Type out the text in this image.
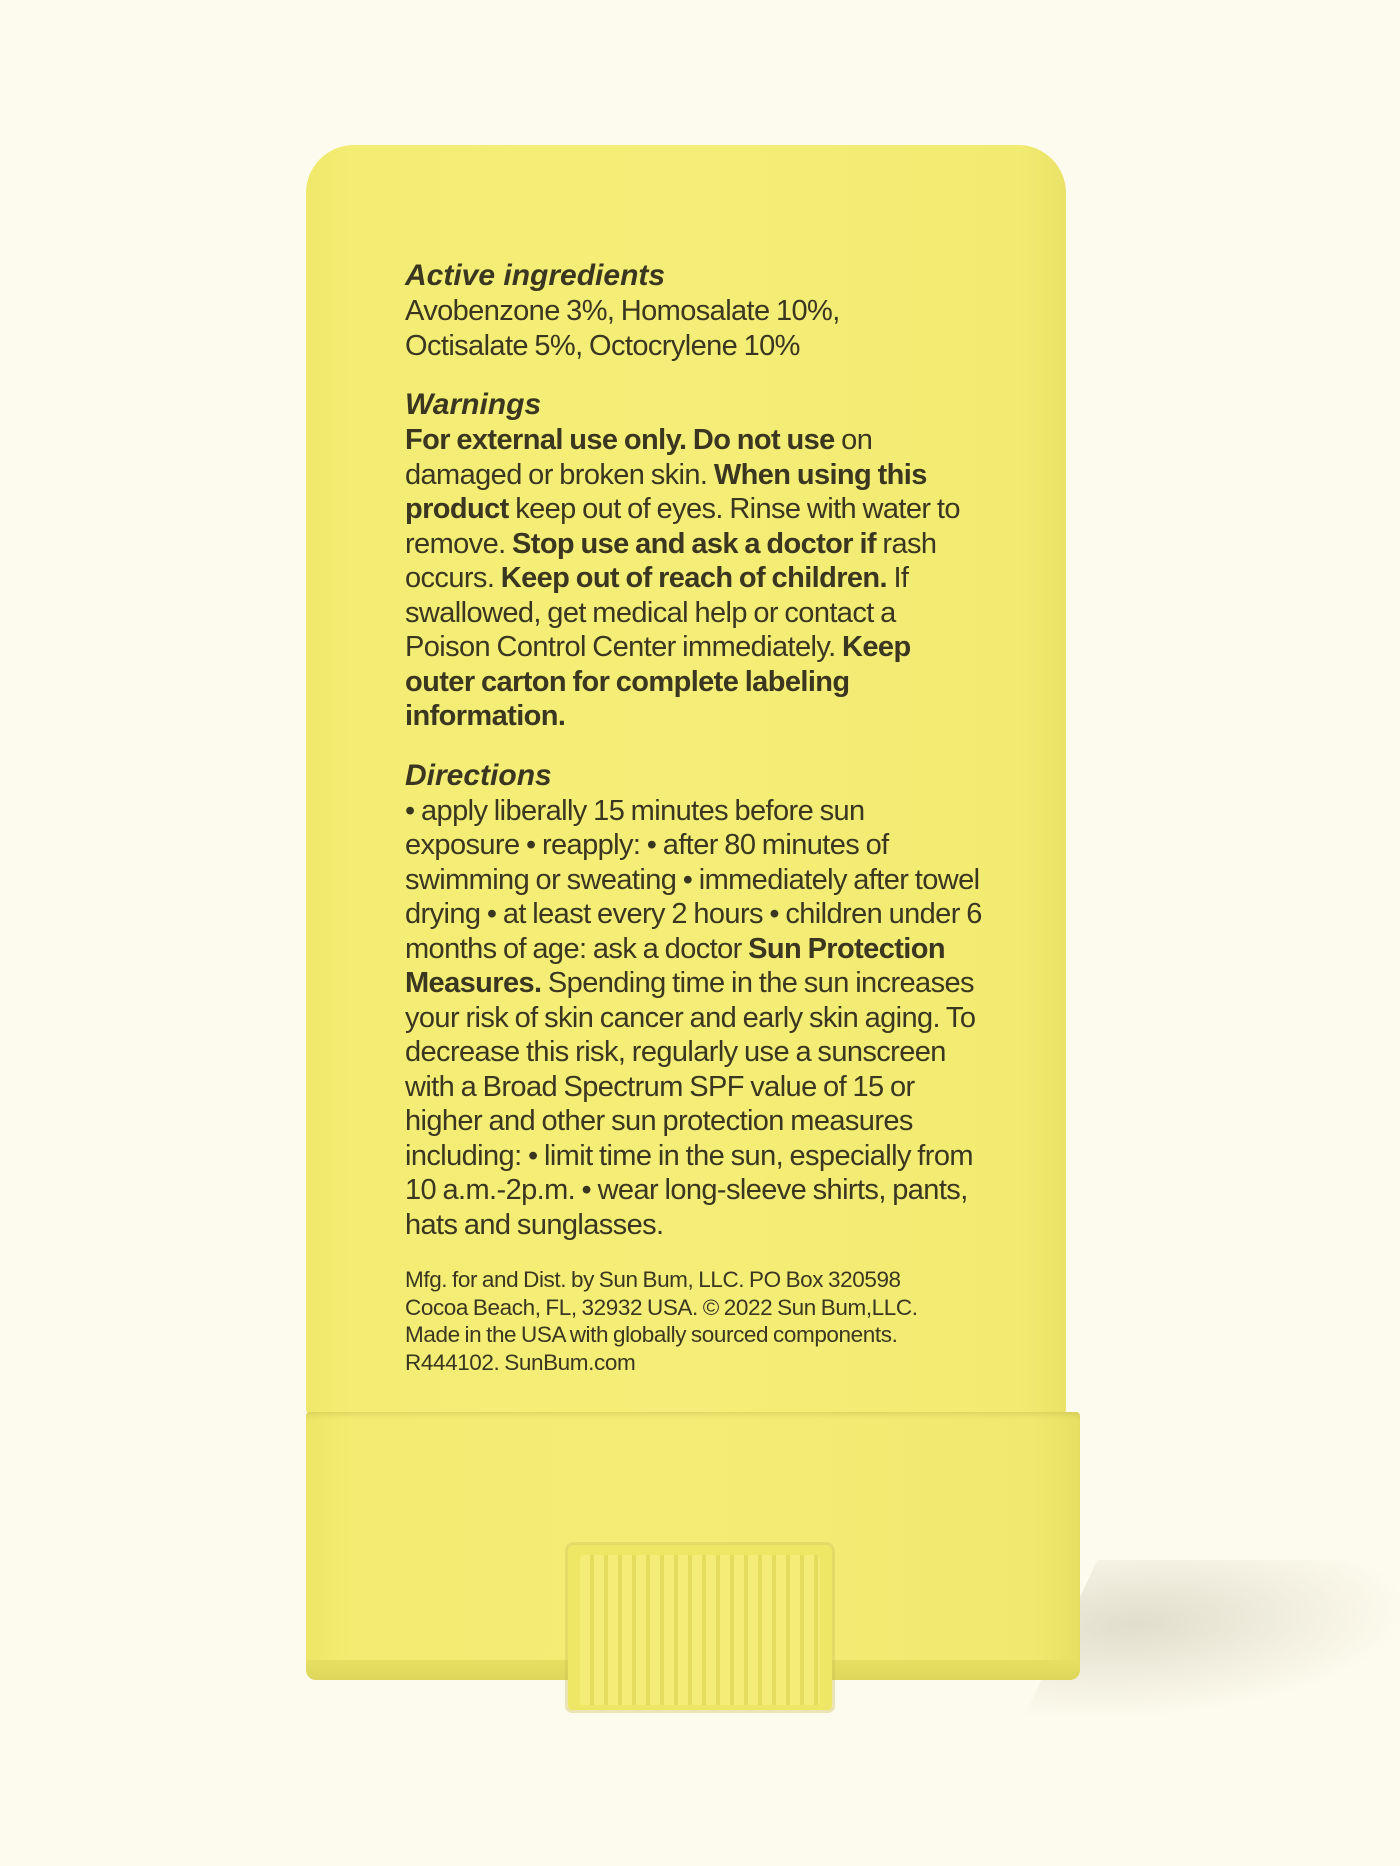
Active ingredients

Avobenzone 3%, Homosalate 10%,

Octisalate 5%, Octocrylene 10%

Warnings

For external use only. Do not use on damaged or broken skin. When using this product keep out of eyes. Rinse with water to remove. Stop use and ask a doctor if rash occurs. Keep out of reach of children. If swallowed, get medical help or contact a Poison Control Center immediately. Keep outer carton for complete labeling information.

Directions

• apply liberally 15 minutes before sun exposure • reapply: • after 80 minutes of swimming or sweating • immediately after towel drying • at least every 2 hours • children under 6 months of age: ask a doctor Sun Protection Measures. Spending time in the sun increases your risk of skin cancer and early skin aging. To decrease this risk, regularly use a sunscreen with a Broad Spectrum SPF value of 15 or higher and other sun protection measures including: • limit time in the sun, especially from 10 a.m.-2p.m. • wear long-sleeve shirts, pants, hats and sunglasses.

Mfg. for and Dist. by Sun Bum, LLC. PO Box 320598

Cocoa Beach, FL, 32932 USA. © 2022 Sun Bum,LLC.

Made in the USA with globally sourced components.

R444102. SunBum.com
